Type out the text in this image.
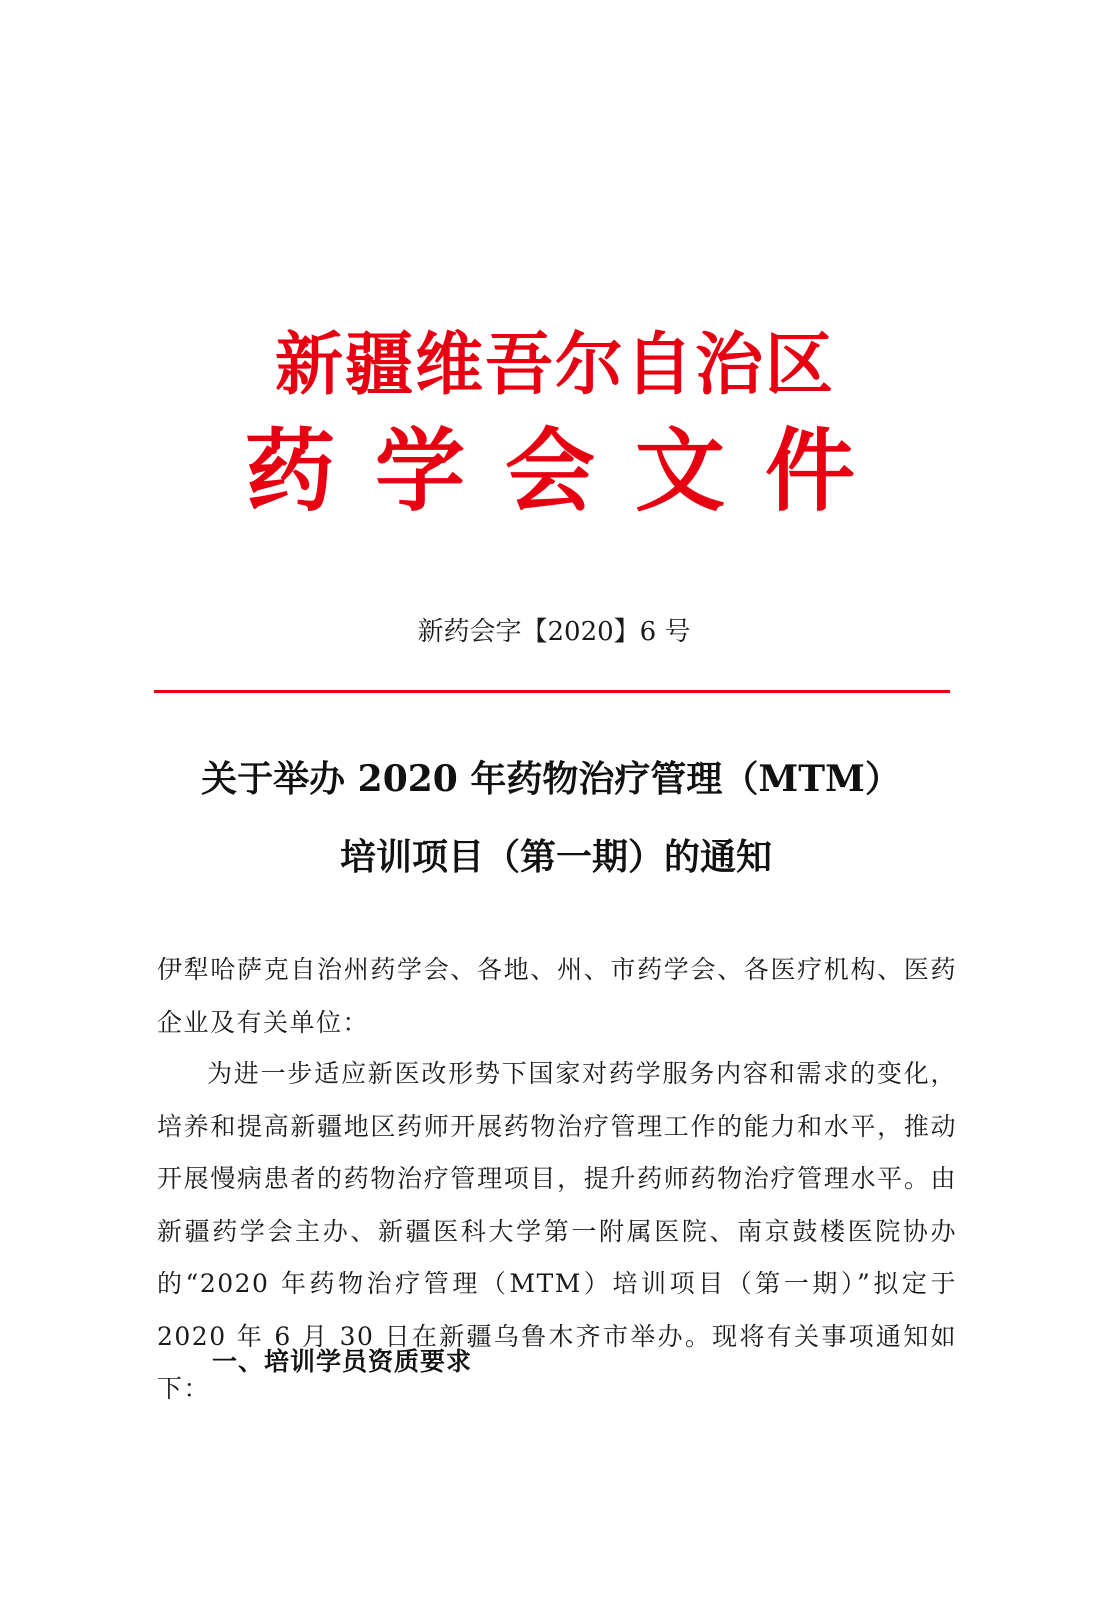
新疆维吾尔自治区
药学会文件
新药会字【2020】6 号
关于举办 2020 年药物治疗管理（MTM）
培训项目（第一期）的通知

伊犁哈萨克自治州药学会、各地、州、市药学会、各医疗机构、医药企业及有关单位：

为进一步适应新医改形势下国家对药学服务内容和需求的变化，培养和提高新疆地区药师开展药物治疗管理工作的能力和水平，推动开展慢病患者的药物治疗管理项目，提升药师药物治疗管理水平。由新疆药学会主办、新疆医科大学第一附属医院、南京鼓楼医院协办的“2020 年药物治疗管理（MTM）培训项目（第一期）”拟定于 2020 年 6 月 30 日在新疆乌鲁木齐市举办。现将有关事项通知如下：

一、培训学员资质要求
